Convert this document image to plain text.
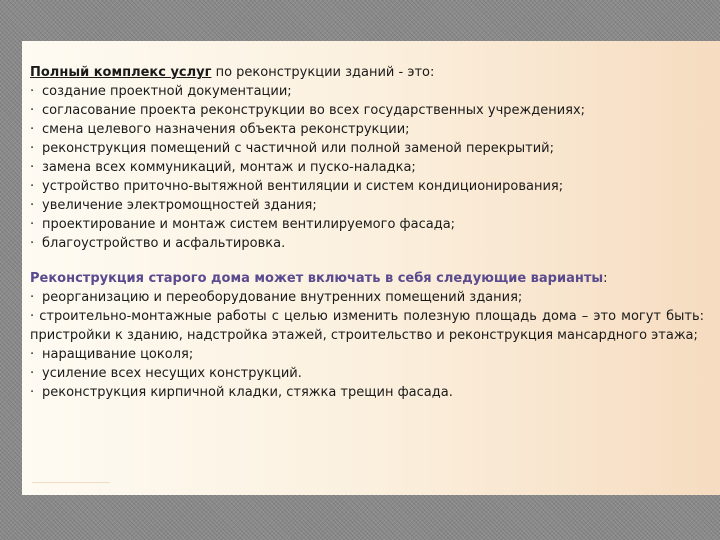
Полный комплекс услуг по реконструкции зданий - это:
· создание проектной документации;
· согласование проекта реконструкции во всех государственных учреждениях;
· смена целевого назначения объекта реконструкции;
· реконструкция помещений с частичной или полной заменой перекрытий;
· замена всех коммуникаций, монтаж и пуско-наладка;
· устройство приточно-вытяжной вентиляции и систем кондиционирования;
· увеличение электромощностей здания;
· проектирование и монтаж систем вентилируемого фасада;
· благоустройство и асфальтировка.
Реконструкция старого дома может включать в себя следующие варианты:
· реорганизацию и переоборудование внутренних помещений здания;
· строительно-монтажные работы с целью изменить полезную площадь дома – это могут быть: пристройки к зданию, надстройка этажей, строительство и реконструкция мансардного этажа;
· наращивание цоколя;
· усиление всех несущих конструкций.
· реконструкция кирпичной кладки, стяжка трещин фасада.
